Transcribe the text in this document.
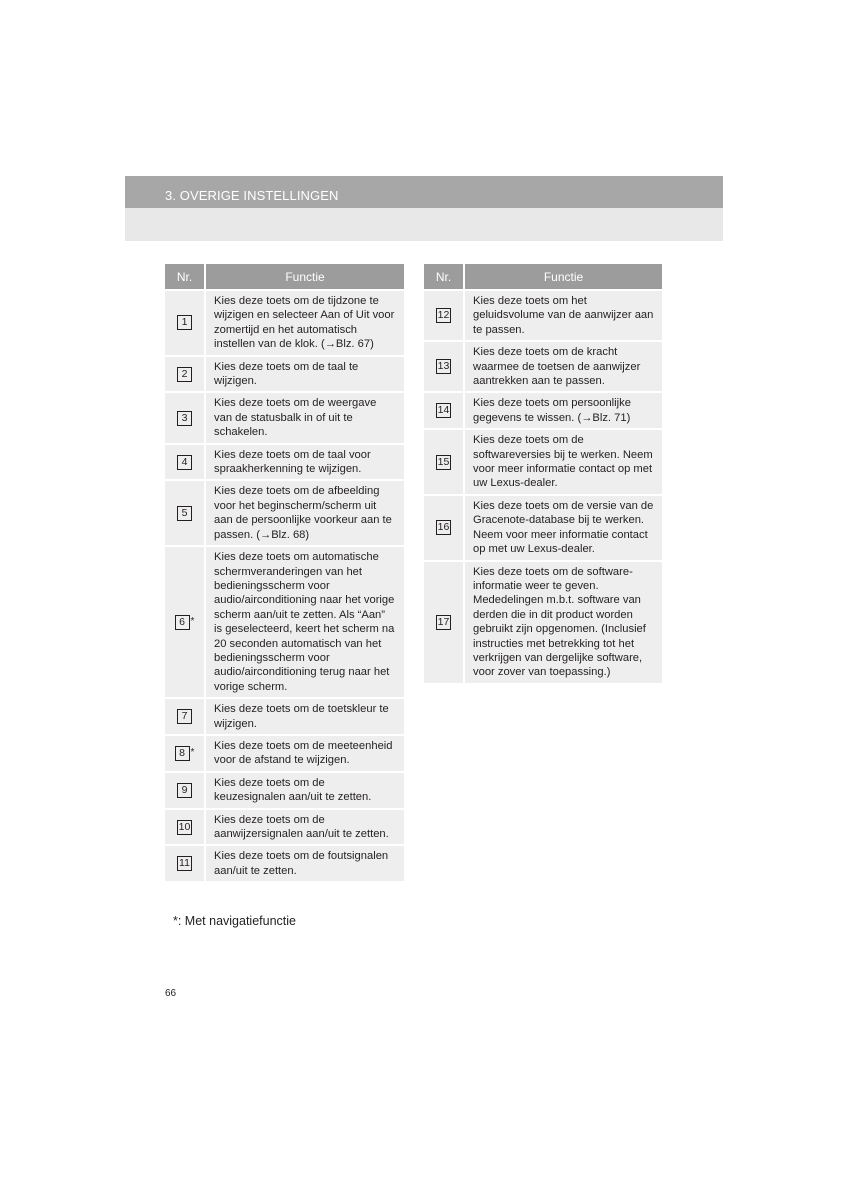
3. OVERIGE INSTELLINGEN
Nr.	Functie
1	Kies deze toets om de tijdzone te wijzigen en selecteer Aan of Uit voor zomertijd en het automatisch instellen van de klok. (→Blz. 67)
2	Kies deze toets om de taal te wijzigen.
3	Kies deze toets om de weergave van de statusbalk in of uit te schakelen.
4	Kies deze toets om de taal voor spraakherkenning te wijzigen.
5	Kies deze toets om de afbeelding voor het beginscherm/scherm uit aan de persoonlijke voorkeur aan te passen. (→Blz. 68)
6 *	Kies deze toets om automatische schermveranderingen van het bedieningsscherm voor audio/airconditioning naar het vorige scherm aan/uit te zetten. Als “Aan” is geselecteerd, keert het scherm na 20 seconden automatisch van het bedieningsscherm voor audio/airconditioning terug naar het vorige scherm.
7	Kies deze toets om de toetskleur te wijzigen.
8 *	Kies deze toets om de meeteenheid voor de afstand te wijzigen.
9	Kies deze toets om de keuzesignalen aan/uit te zetten.
10	Kies deze toets om de aanwijzersignalen aan/uit te zetten.
11	Kies deze toets om de foutsignalen aan/uit te zetten.
Nr.	Functie
12	Kies deze toets om het geluidsvolume van de aanwijzer aan te passen.
13	Kies deze toets om de kracht waarmee de toetsen de aanwijzer aantrekken aan te passen.
14	Kies deze toets om persoonlijke gegevens te wissen. (→Blz. 71)
15	Kies deze toets om de softwareversies bij te werken. Neem voor meer informatie contact op met uw Lexus-dealer.
16	Kies deze toets om de versie van de Gracenote-database bij te werken. Neem voor meer informatie contact op met uw Lexus-dealer.
17	Kies deze toets om de software-informatie weer te geven. Mededelingen m.b.t. software van derden die in dit product worden gebruikt zijn opgenomen. (Inclusief instructies met betrekking tot het verkrijgen van dergelijke software, voor zover van toepassing.)
*: Met navigatiefunctie
66
